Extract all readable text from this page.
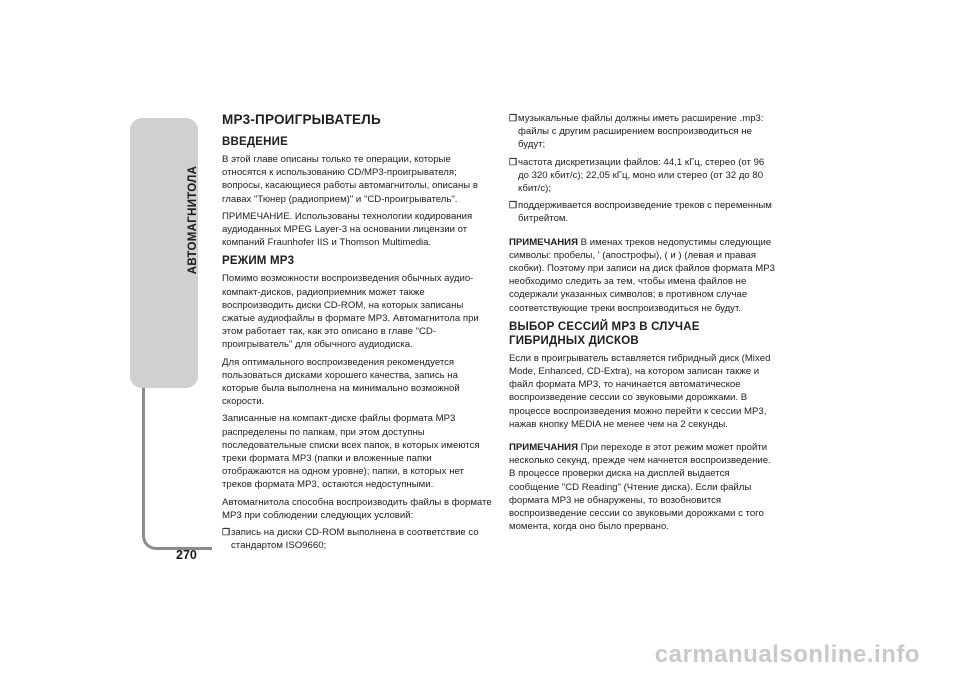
АВТОМАГНИТОЛА
270
MP3-ПРОИГРЫВАТЕЛЬ
ВВЕДЕНИЕ

В этой главе описаны только те операции, которые относятся к использованию CD/MP3-проигрывателя; вопросы, касающиеся работы автомагнитолы, описаны в главах "Тюнер (радиоприем)" и "CD-проигрыватель".

ПРИМЕЧАНИЕ. Использованы технологии кодирования аудиоданных MPEG Layer-3 на основании лицензии от компаний Fraunhofer IIS и Thomson Multimedia.

РЕЖИМ MP3

Помимо возможности воспроизведения обычных аудио-компакт-дисков, радиоприемник может также воспроизводить диски CD-ROM, на которых записаны сжатые аудиофайлы в формате MP3. Автомагнитола при этом работает так, как это описано в главе "CD-проигрыватель" для обычного аудиодиска.

Для оптимального воспроизведения рекомендуется пользоваться дисками хорошего качества, запись на которые была выполнена на минимально возможной скорости.

Записанные на компакт-диске файлы формата MP3 распределены по папкам, при этом доступны последовательные списки всех папок, в которых имеются треки формата MP3 (папки и вложенные папки отображаются на одном уровне); папки, в которых нет треков формата MP3, остаются недоступными.

Автомагнитола способна воспроизводить файлы в формате MP3 при соблюдении следующих условий:

❒ запись на диски CD-ROM выполнена в соответствие со стандартом ISO9660;
❒ музыкальные файлы должны иметь расширение .mp3: файлы с другим расширением воспроизводиться не будут;
❒ частота дискретизации файлов: 44,1 кГц, стерео (от 96 до 320 кбит/с); 22,05 кГц, моно или стерео (от 32 до 80 кбит/с);
❒ поддерживается воспроизведение треков с переменным битрейтом.

ПРИМЕЧАНИЯ В именах треков недопустимы следующие символы: пробелы, ' (апострофы), ( и ) (левая и правая скобки). Поэтому при записи на диск файлов формата MP3 необходимо следить за тем, чтобы имена файлов не содержали указанных символов; в противном случае соответствующие треки воспроизводиться не будут.

ВЫБОР СЕССИЙ MP3 В СЛУЧАЕ ГИБРИДНЫХ ДИСКОВ

Если в проигрыватель вставляется гибридный диск (Mixed Mode, Enhanced, CD-Extra), на котором записан также и файл формата MP3, то начинается автоматическое воспроизведение сессии со звуковыми дорожками. В процессе воспроизведения можно перейти к сессии MP3, нажав кнопку MEDIA не менее чем на 2 секунды.

ПРИМЕЧАНИЯ При переходе в этот режим может пройти несколько секунд, прежде чем начнется воспроизведение. В процессе проверки диска на дисплей выдается сообщение "CD Reading" (Чтение диска). Если файлы формата MP3 не обнаружены, то возобновится воспроизведение сессии со звуковыми дорожками с того момента, когда оно было прервано.

carmanualsonline.info
